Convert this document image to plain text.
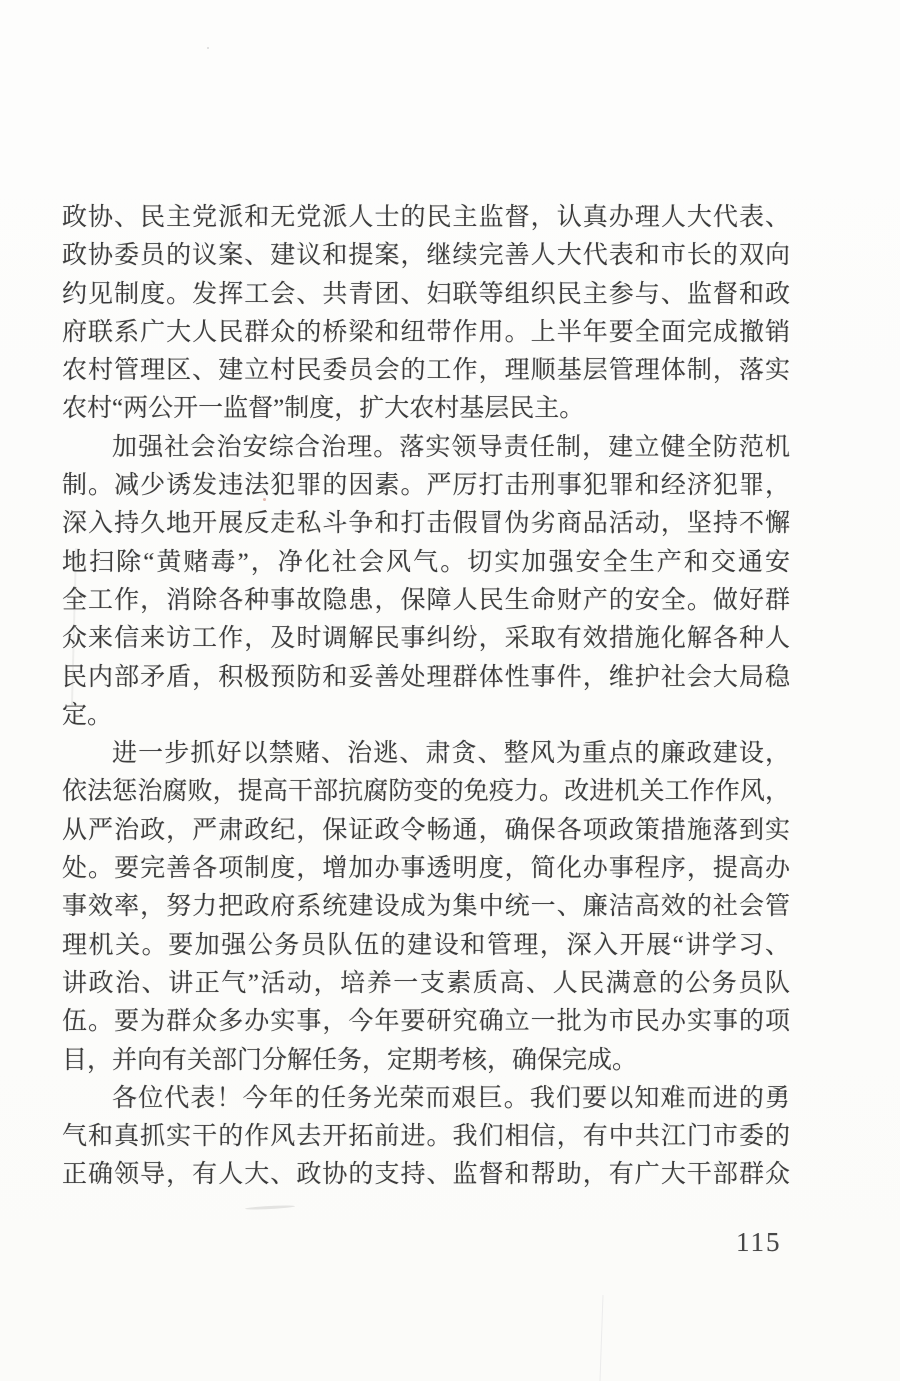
政协、民主党派和无党派人士的民主监督，认真办理人大代表、
政协委员的议案、建议和提案，继续完善人大代表和市长的双向
约见制度。发挥工会、共青团、妇联等组织民主参与、监督和政
府联系广大人民群众的桥梁和纽带作用。上半年要全面完成撤销
农村管理区、建立村民委员会的工作，理顺基层管理体制，落实
农村“两公开一监督”制度，扩大农村基层民主。
加强社会治安综合治理。落实领导责任制，建立健全防范机
制。减少诱发违法犯罪的因素。严厉打击刑事犯罪和经济犯罪，
深入持久地开展反走私斗争和打击假冒伪劣商品活动，坚持不懈
地扫除“黄赌毒”，净化社会风气。切实加强安全生产和交通安
全工作，消除各种事故隐患，保障人民生命财产的安全。做好群
众来信来访工作，及时调解民事纠纷，采取有效措施化解各种人
民内部矛盾，积极预防和妥善处理群体性事件，维护社会大局稳
定。
进一步抓好以禁赌、治逃、肃贪、整风为重点的廉政建设，
依法惩治腐败，提高干部抗腐防变的免疫力。改进机关工作作风，
从严治政，严肃政纪，保证政令畅通，确保各项政策措施落到实
处。要完善各项制度，增加办事透明度，简化办事程序，提高办
事效率，努力把政府系统建设成为集中统一、廉洁高效的社会管
理机关。要加强公务员队伍的建设和管理，深入开展“讲学习、
讲政治、讲正气”活动，培养一支素质高、人民满意的公务员队
伍。要为群众多办实事，今年要研究确立一批为市民办实事的项
目，并向有关部门分解任务，定期考核，确保完成。
各位代表！今年的任务光荣而艰巨。我们要以知难而进的勇
气和真抓实干的作风去开拓前进。我们相信，有中共江门市委的
正确领导，有人大、政协的支持、监督和帮助，有广大干部群众
115
